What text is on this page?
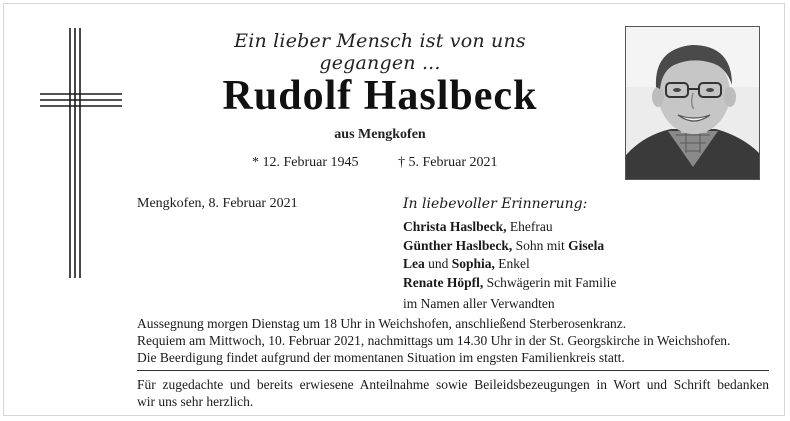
Ein lieber Mensch ist von uns gegangen ...
Rudolf Haslbeck
aus Mengkofen
* 12. Februar 1945	† 5. Februar 2021
Mengkofen, 8. Februar 2021	In liebevoller Erinnerung:
Christa Haslbeck, Ehefrau
Günther Haslbeck, Sohn mit Gisela
Lea und Sophia, Enkel
Renate Höpfl, Schwägerin mit Familie
im Namen aller Verwandten
Aussegnung morgen Dienstag um 18 Uhr in Weichshofen, anschließend Sterberosenkranz.
Requiem am Mittwoch, 10. Februar 2021, nachmittags um 14.30 Uhr in der St. Georgskirche in Weichshofen.
Die Beerdigung findet aufgrund der momentanen Situation im engsten Familienkreis statt.
Für zugedachte und bereits erwiesene Anteilnahme sowie Beileidsbezeugungen in Wort und Schrift bedanken
wir uns sehr herzlich.
